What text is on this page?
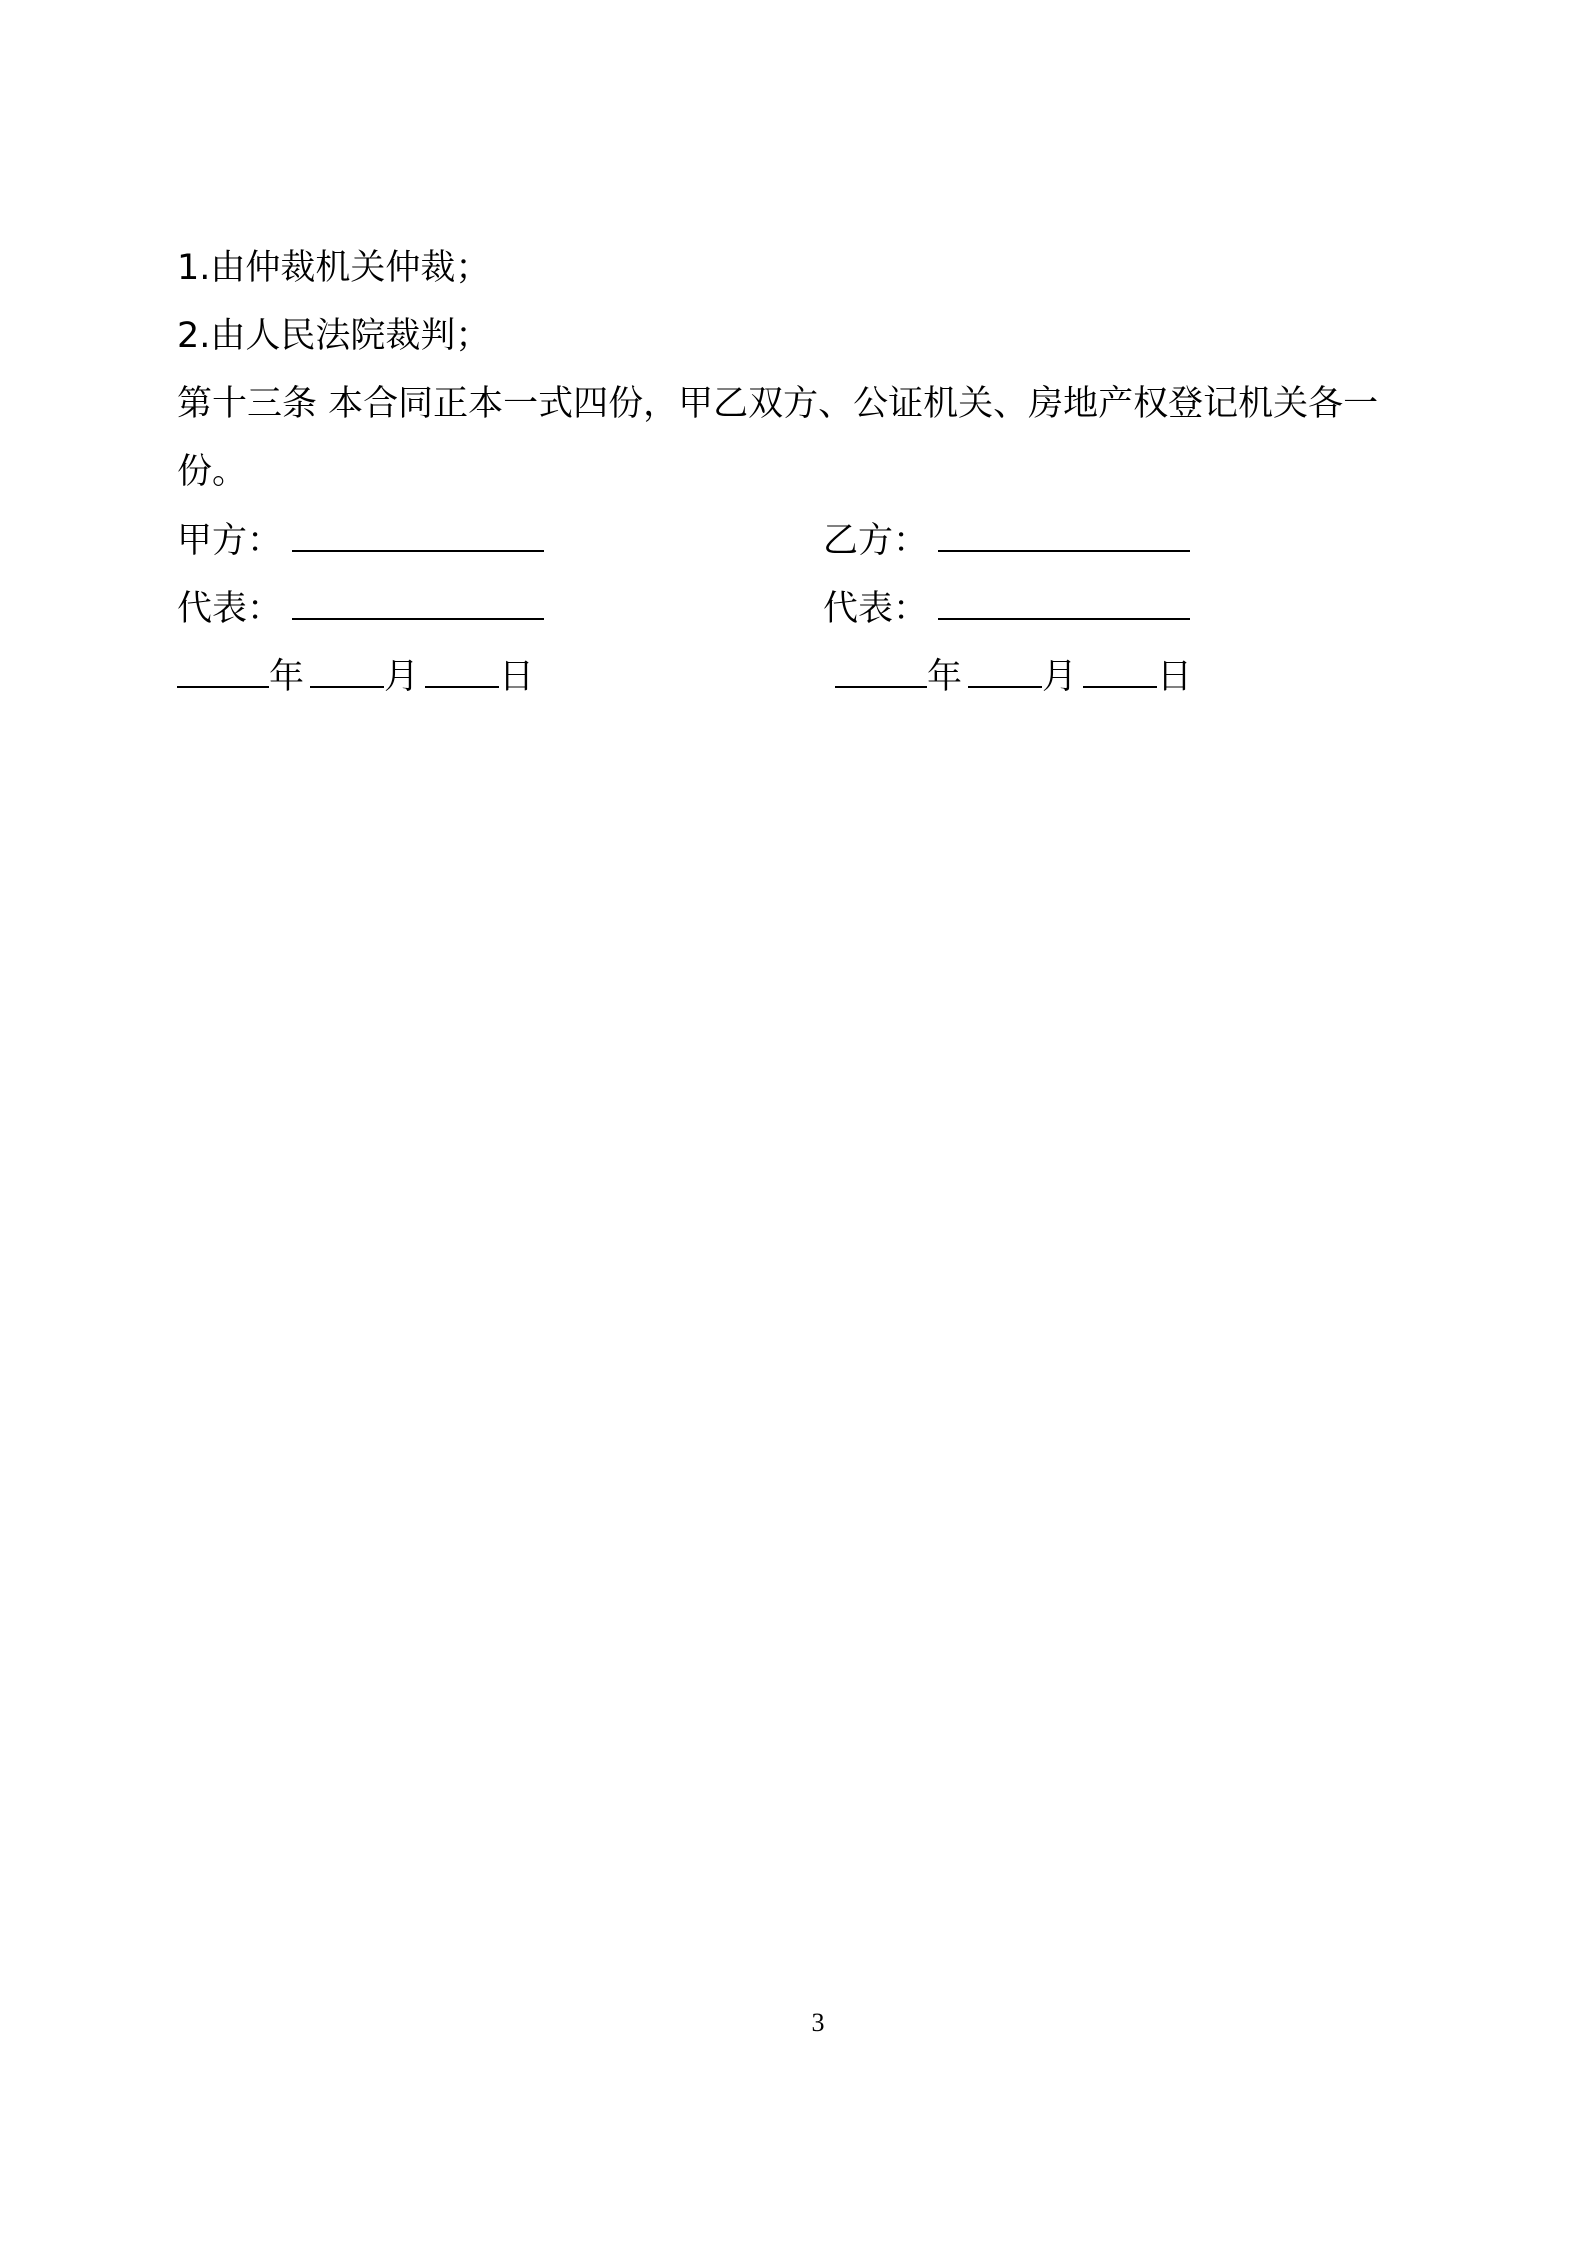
1.由仲裁机关仲裁；
2.由人民法院裁判；
第十三条 本合同正本一式四份，甲乙双方、公证机关、房地产权登记机关各一
份。
甲方：	乙方：
代表：	代表：
年 月 日	年 月 日
3
